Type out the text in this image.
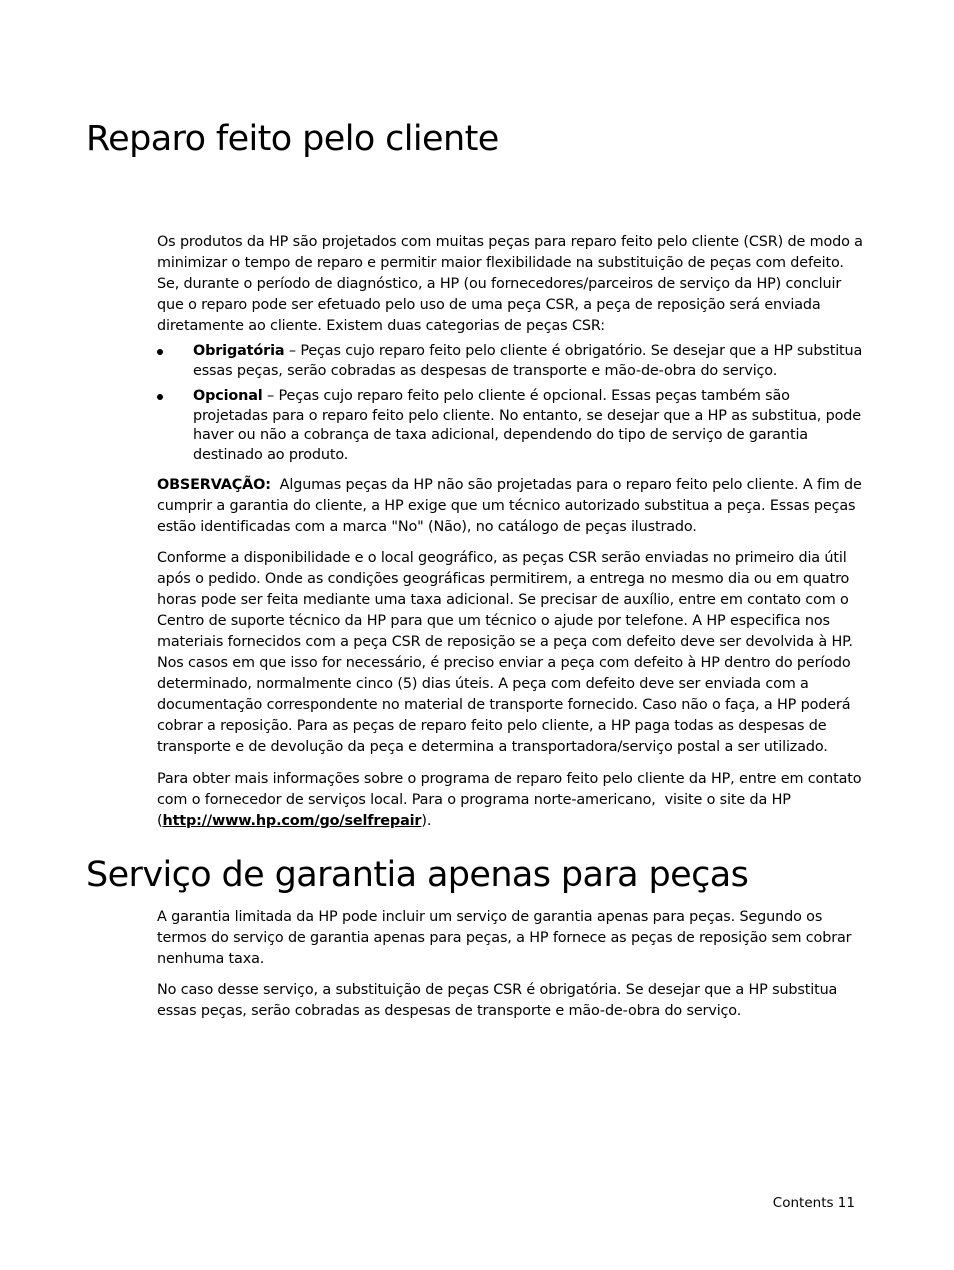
Reparo feito pelo cliente

Os produtos da HP são projetados com muitas peças para reparo feito pelo cliente (CSR) de modo a minimizar o tempo de reparo e permitir maior flexibilidade na substituição de peças com defeito. Se, durante o período de diagnóstico, a HP (ou fornecedores/parceiros de serviço da HP) concluir que o reparo pode ser efetuado pelo uso de uma peça CSR, a peça de reposição será enviada diretamente ao cliente. Existem duas categorias de peças CSR:

Obrigatória – Peças cujo reparo feito pelo cliente é obrigatório. Se desejar que a HP substitua essas peças, serão cobradas as despesas de transporte e mão-de-obra do serviço.
Opcional – Peças cujo reparo feito pelo cliente é opcional. Essas peças também são projetadas para o reparo feito pelo cliente. No entanto, se desejar que a HP as substitua, pode haver ou não a cobrança de taxa adicional, dependendo do tipo de serviço de garantia destinado ao produto.

OBSERVAÇÃO:  Algumas peças da HP não são projetadas para o reparo feito pelo cliente. A fim de cumprir a garantia do cliente, a HP exige que um técnico autorizado substitua a peça. Essas peças estão identificadas com a marca "No" (Não), no catálogo de peças ilustrado.

Conforme a disponibilidade e o local geográfico, as peças CSR serão enviadas no primeiro dia útil após o pedido. Onde as condições geográficas permitirem, a entrega no mesmo dia ou em quatro horas pode ser feita mediante uma taxa adicional. Se precisar de auxílio, entre em contato com o Centro de suporte técnico da HP para que um técnico o ajude por telefone. A HP especifica nos materiais fornecidos com a peça CSR de reposição se a peça com defeito deve ser devolvida à HP. Nos casos em que isso for necessário, é preciso enviar a peça com defeito à HP dentro do período determinado, normalmente cinco (5) dias úteis. A peça com defeito deve ser enviada com a documentação correspondente no material de transporte fornecido. Caso não o faça, a HP poderá cobrar a reposição. Para as peças de reparo feito pelo cliente, a HP paga todas as despesas de transporte e de devolução da peça e determina a transportadora/serviço postal a ser utilizado.

Para obter mais informações sobre o programa de reparo feito pelo cliente da HP, entre em contato com o fornecedor de serviços local. Para o programa norte-americano,  visite o site da HP (http://www.hp.com/go/selfrepair).

Serviço de garantia apenas para peças

A garantia limitada da HP pode incluir um serviço de garantia apenas para peças. Segundo os termos do serviço de garantia apenas para peças, a HP fornece as peças de reposição sem cobrar nenhuma taxa.

No caso desse serviço, a substituição de peças CSR é obrigatória. Se desejar que a HP substitua essas peças, serão cobradas as despesas de transporte e mão-de-obra do serviço.

Contents 11
